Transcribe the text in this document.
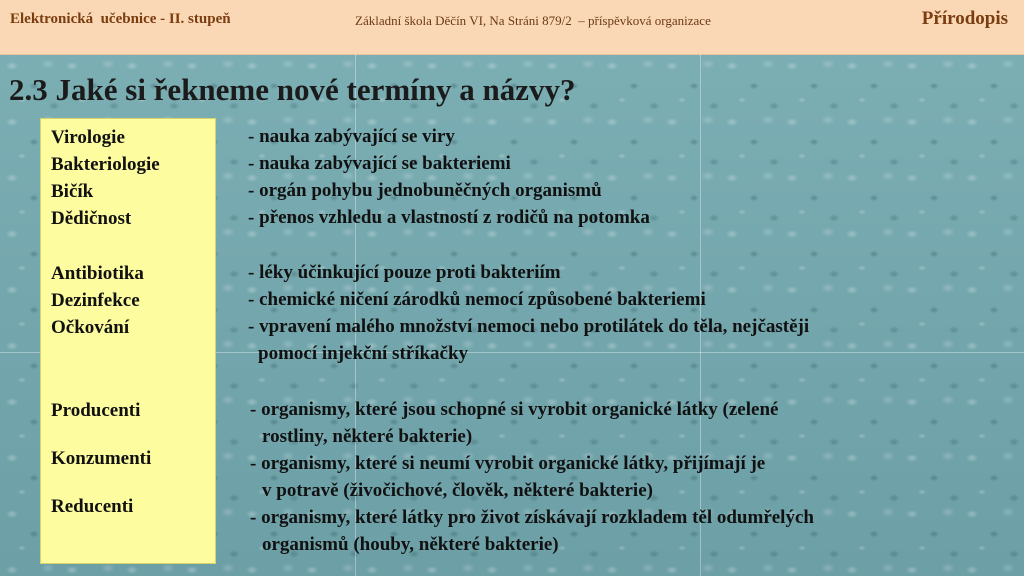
Elektronická  učebnice - II. stupeň	Základní škola Děčín VI, Na Stráni 879/2  – příspěvková organizace	Přírodopis
2.3 Jaké si řekneme nové termíny a názvy?
Virologie
Bakteriologie
Bičík
Dědičnost
Antibiotika
Dezinfekce
Očkování
Producenti
Konzumenti
Reducenti
- nauka zabývající se viry
- nauka zabývající se bakteriemi
- orgán pohybu jednobuněčných organismů
- přenos vzhledu a vlastností z rodičů na potomka
- léky účinkující pouze proti bakteriím
- chemické ničení zárodků nemocí způsobené bakteriemi
- vpravení malého množství nemoci nebo protilátek do těla, nejčastěji
pomocí injekční stříkačky
- organismy, které jsou schopné si vyrobit organické látky (zelené
rostliny, některé bakterie)
- organismy, které si neumí vyrobit organické látky, přijímají je
v potravě (živočichové, člověk, některé bakterie)
- organismy, které látky pro život získávají rozkladem těl odumřelých
organismů (houby, některé bakterie)
